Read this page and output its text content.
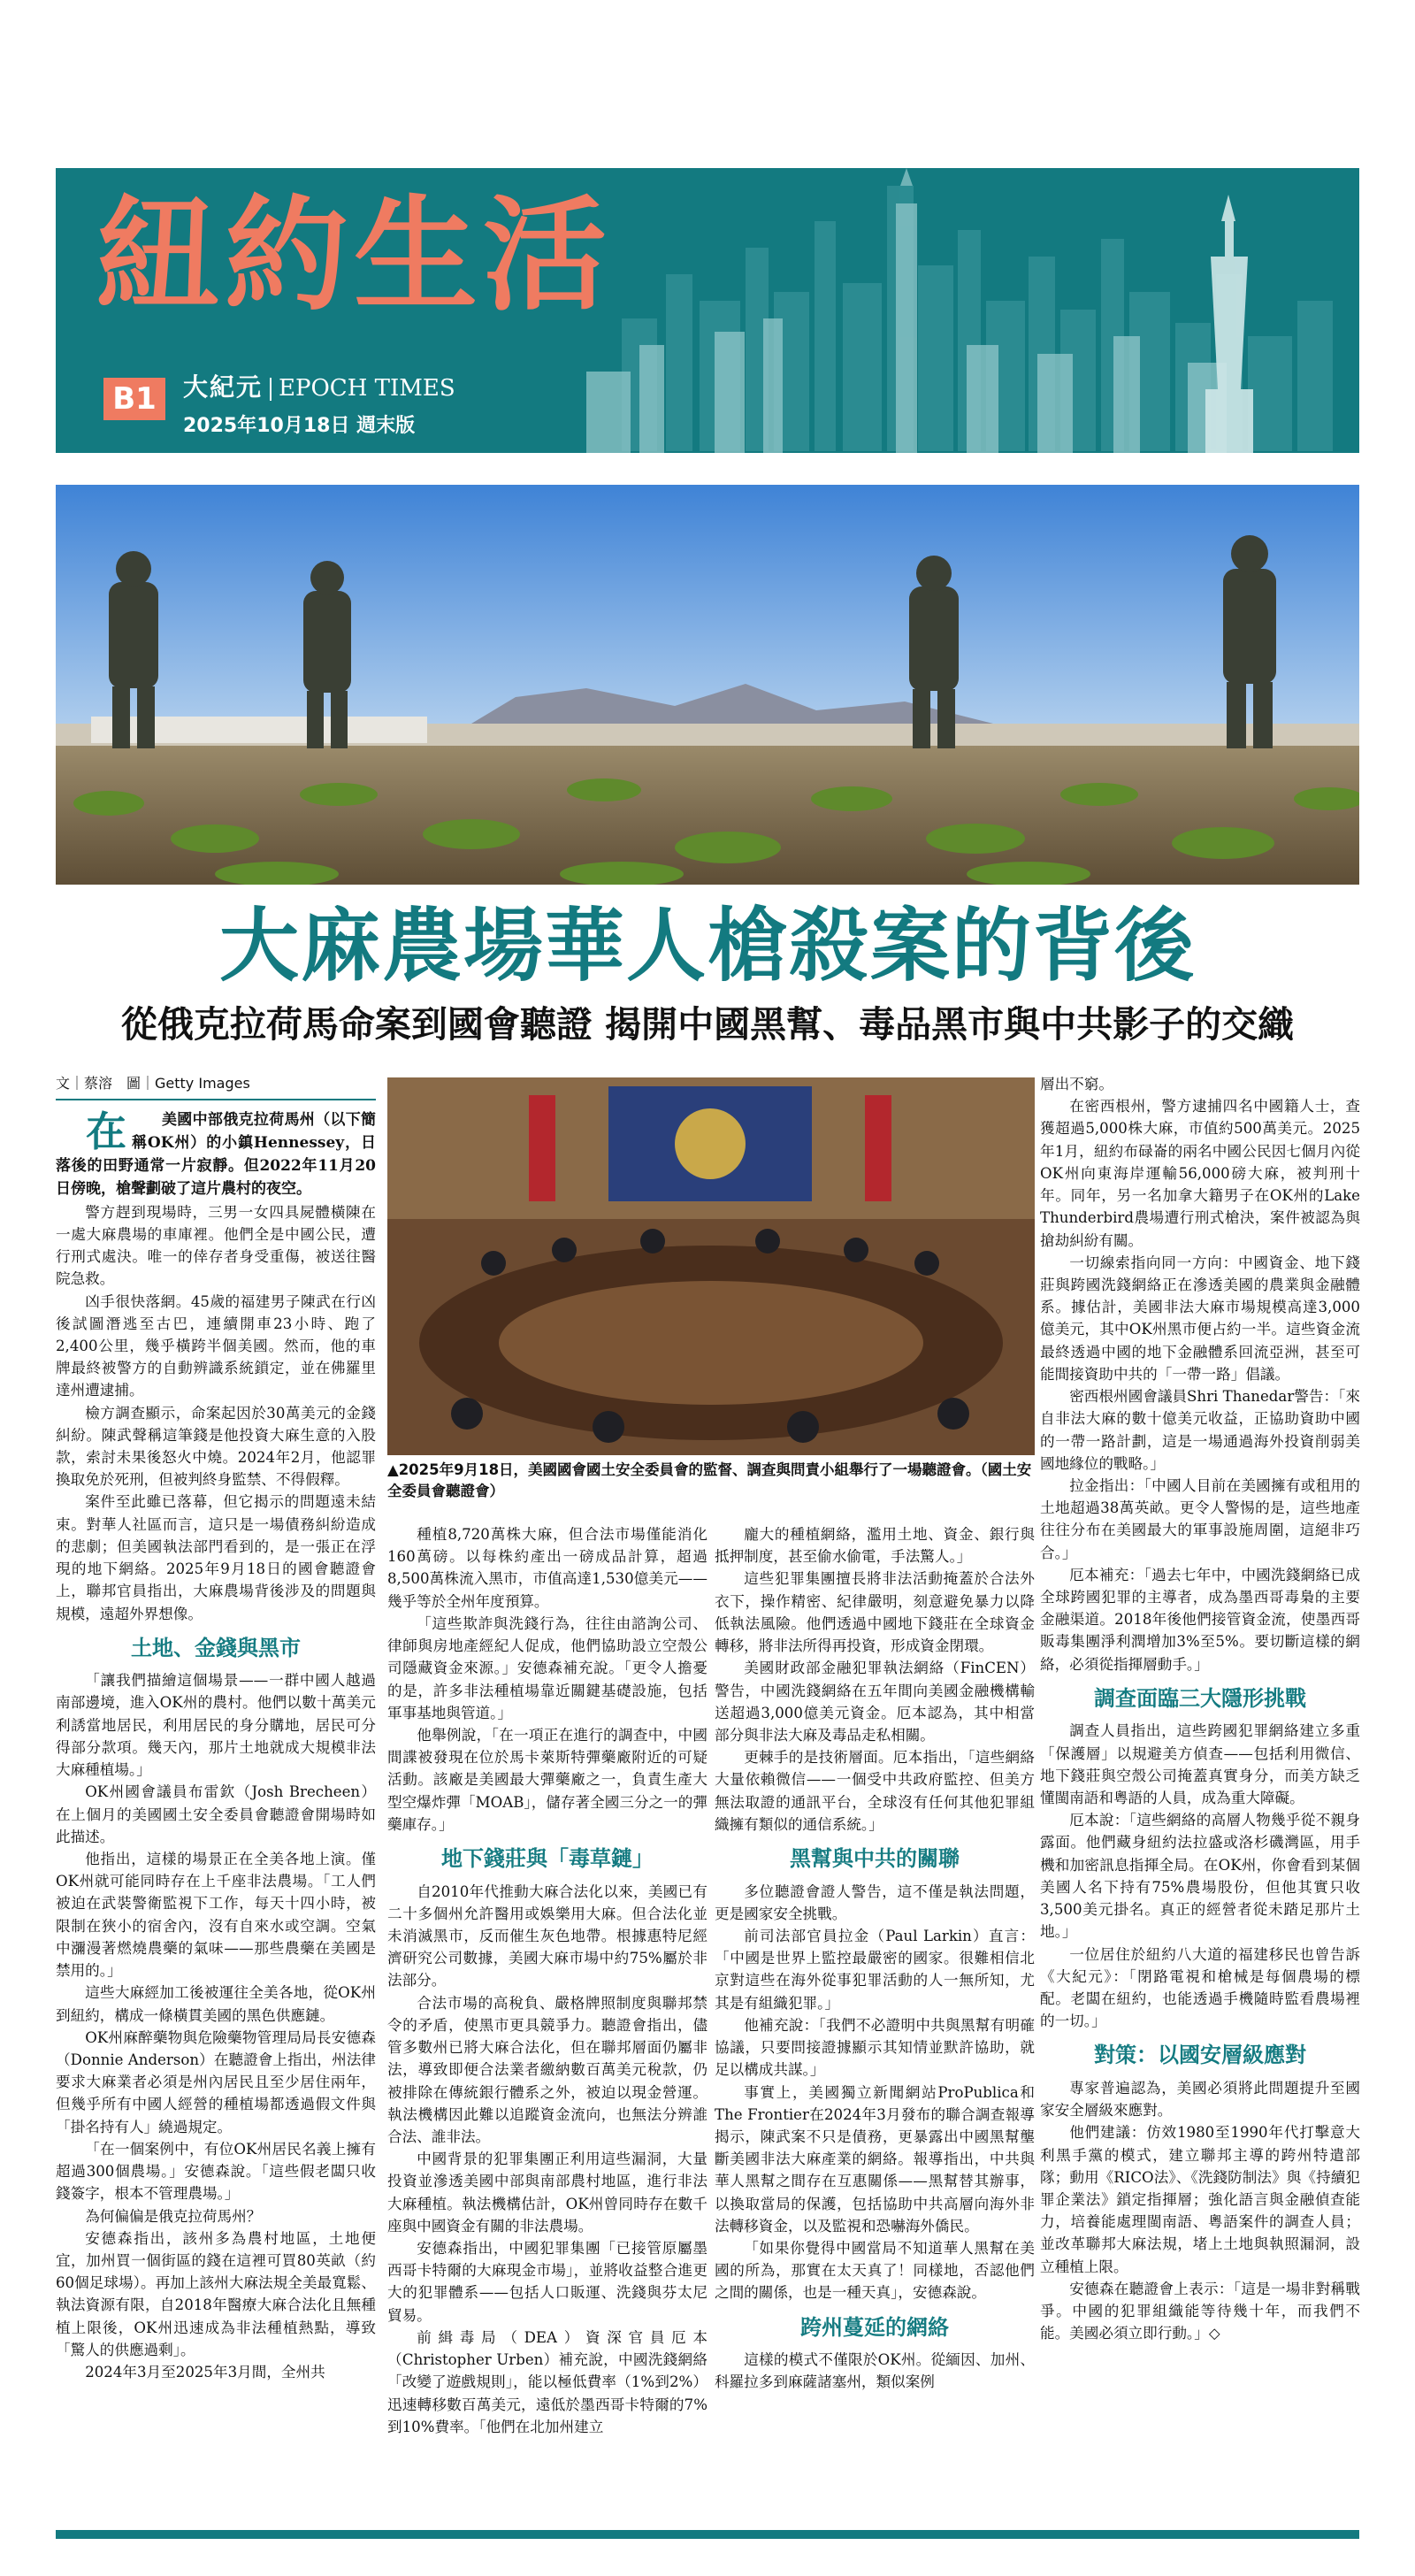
紐約生活
B1	大紀元 EPOCH TIMES
2025年10月18日 週末版
大麻農場華人槍殺案的背後
從俄克拉荷馬命案到國會聽證 揭開中國黑幫、毒品黑市與中共影子的交織
文｜蔡溶　圖｜Getty Images

在 美國中部俄克拉荷馬州（以下簡稱OK州）的小鎮Hennessey，日落後的田野通常一片寂靜。但2022年11月20日傍晚，槍聲劃破了這片農村的夜空。

警方趕到現場時，三男一女四具屍體橫陳在一處大麻農場的車庫裡。他們全是中國公民，遭行刑式處決。唯一的倖存者身受重傷，被送往醫院急救。

凶手很快落網。45歲的福建男子陳武在行凶後試圖潛逃至古巴，連續開車23小時、跑了2,400公里，幾乎橫跨半個美國。然而，他的車牌最終被警方的自動辨識系統鎖定，並在佛羅里達州遭逮捕。

檢方調查顯示，命案起因於30萬美元的金錢糾紛。陳武聲稱這筆錢是他投資大麻生意的入股款，索討未果後怒火中燒。2024年2月，他認罪換取免於死刑，但被判終身監禁、不得假釋。

案件至此雖已落幕，但它揭示的問題遠未結束。對華人社區而言，這只是一場債務糾紛造成的悲劇；但美國執法部門看到的，是一張正在浮現的地下網絡。2025年9月18日的國會聽證會上，聯邦官員指出，大麻農場背後涉及的問題與規模，遠超外界想像。

土地、金錢與黑市

「讓我們描繪這個場景——一群中國人越過南部邊境，進入OK州的農村。他們以數十萬美元利誘當地居民，利用居民的身分購地，居民可分得部分款項。幾天內，那片土地就成大規模非法大麻種植場。」

OK州國會議員布雷欽（Josh Brecheen）在上個月的美國國土安全委員會聽證會開場時如此描述。

他指出，這樣的場景正在全美各地上演。僅OK州就可能同時存在上千座非法農場。「工人們被迫在武裝警衛監視下工作，每天十四小時，被限制在狹小的宿舍內，沒有自來水或空調。空氣中瀰漫著燃燒農藥的氣味——那些農藥在美國是禁用的。」

這些大麻經加工後被運往全美各地，從OK州到紐約，構成一條橫貫美國的黑色供應鏈。

OK州麻醉藥物與危險藥物管理局局長安德森（Donnie Anderson）在聽證會上指出，州法律要求大麻業者必須是州內居民且至少居住兩年，但幾乎所有中國人經營的種植場都透過假文件與「掛名持有人」繞過規定。

「在一個案例中，有位OK州居民名義上擁有超過300個農場。」安德森說。「這些假老闆只收錢簽字，根本不管理農場。」

為何偏偏是俄克拉荷馬州？

安德森指出，該州多為農村地區，土地便宜，加州買一個街區的錢在這裡可買80英畝（約60個足球場）。再加上該州大麻法規全美最寬鬆、執法資源有限，自2018年醫療大麻合法化且無種植上限後，OK州迅速成為非法種植熱點，導致「驚人的供應過剩」。

2024年3月至2025年3月間，全州共

▲2025年9月18日，美國國會國土安全委員會的監督、調查與問責小組舉行了一場聽證會。（國土安全委員會聽證會）

種植8,720萬株大麻，但合法市場僅能消化160萬磅。以每株約產出一磅成品計算，超過8,500萬株流入黑市，市值高達1,530億美元——幾乎等於全州年度預算。

「這些欺詐與洗錢行為，往往由諮詢公司、律師與房地產經紀人促成，他們協助設立空殼公司隱藏資金來源。」安德森補充說。「更令人擔憂的是，許多非法種植場靠近關鍵基礎設施，包括軍事基地與管道。」

他舉例說，「在一項正在進行的調查中，中國間諜被發現在位於馬卡萊斯特彈藥廠附近的可疑活動。該廠是美國最大彈藥廠之一，負責生產大型空爆炸彈「MOAB」，儲存著全國三分之一的彈藥庫存。」

地下錢莊與「毒草鏈」

自2010年代推動大麻合法化以來，美國已有二十多個州允許醫用或娛樂用大麻。但合法化並未消滅黑市，反而催生灰色地帶。根據惠特尼經濟研究公司數據，美國大麻市場中約75%屬於非法部分。

合法市場的高稅負、嚴格牌照制度與聯邦禁令的矛盾，使黑市更具競爭力。聽證會指出，儘管多數州已將大麻合法化，但在聯邦層面仍屬非法，導致即便合法業者繳納數百萬美元稅款，仍被排除在傳統銀行體系之外，被迫以現金營運。執法機構因此難以追蹤資金流向，也無法分辨誰合法、誰非法。

中國背景的犯罪集團正利用這些漏洞，大量投資並滲透美國中部與南部農村地區，進行非法大麻種植。執法機構估計，OK州曾同時存在數千座與中國資金有關的非法農場。

安德森指出，中國犯罪集團「已接管原屬墨西哥卡特爾的大麻現金市場」，並將收益整合進更大的犯罪體系——包括人口販運、洗錢與芬太尼貿易。

前緝毒局（DEA）資深官員厄本（Christopher Urben）補充說，中國洗錢網絡「改變了遊戲規則」，能以極低費率（1%到2%）迅速轉移數百萬美元，遠低於墨西哥卡特爾的7%到10%費率。「他們在北加州建立

龐大的種植網絡，濫用土地、資金、銀行與抵押制度，甚至偷水偷電，手法驚人。」

這些犯罪集團擅長將非法活動掩蓋於合法外衣下，操作精密、紀律嚴明，刻意避免暴力以降低執法風險。他們透過中國地下錢莊在全球資金轉移，將非法所得再投資，形成資金閉環。

美國財政部金融犯罪執法網絡（FinCEN）警告，中國洗錢網絡在五年間向美國金融機構輸送超過3,000億美元資金。厄本認為，其中相當部分與非法大麻及毒品走私相關。

更棘手的是技術層面。厄本指出，「這些網絡大量依賴微信——一個受中共政府監控、但美方無法取證的通訊平台，全球沒有任何其他犯罪組織擁有類似的通信系統。」

黑幫與中共的關聯

多位聽證會證人警告，這不僅是執法問題，更是國家安全挑戰。

前司法部官員拉金（Paul Larkin）直言：「中國是世界上監控最嚴密的國家。很難相信北京對這些在海外從事犯罪活動的人一無所知，尤其是有組織犯罪。」

他補充說：「我們不必證明中共與黑幫有明確協議，只要問接證據顯示其知情並默許協助，就足以構成共謀。」

事實上，美國獨立新聞網站ProPublica和The Frontier在2024年3月發布的聯合調查報導揭示，陳武案不只是債務，更暴露出中國黑幫壟斷美國非法大麻產業的網絡。報導指出，中共與華人黑幫之間存在互惠關係——黑幫替其辦事，以換取當局的保護，包括協助中共高層向海外非法轉移資金，以及監視和恐嚇海外僑民。

「如果你覺得中國當局不知道華人黑幫在美國的所為，那實在太天真了！同樣地，否認他們之間的關係，也是一種天真」，安德森說。

跨州蔓延的網絡

這樣的模式不僅限於OK州。從緬因、加州、科羅拉多到麻薩諸塞州，類似案例

層出不窮。

在密西根州，警方逮捕四名中國籍人士，查獲超過5,000株大麻，市值約500萬美元。2025年1月，紐約布碌崙的兩名中國公民因七個月內從OK州向東海岸運輸56,000磅大麻，被判刑十年。同年，另一名加拿大籍男子在OK州的Lake Thunderbird農場遭行刑式槍決，案件被認為與搶劫糾紛有關。

一切線索指向同一方向：中國資金、地下錢莊與跨國洗錢網絡正在滲透美國的農業與金融體系。據估計，美國非法大麻市場規模高達3,000億美元，其中OK州黑市便占約一半。這些資金流最終透過中國的地下金融體系回流亞洲，甚至可能間接資助中共的「一帶一路」倡議。

密西根州國會議員Shri Thanedar警告：「來自非法大麻的數十億美元收益，正協助資助中國的一帶一路計劃，這是一場通過海外投資削弱美國地緣位的戰略。」

拉金指出：「中國人目前在美國擁有或租用的土地超過38萬英畝。更令人警惕的是，這些地產往往分布在美國最大的軍事設施周圍，這絕非巧合。」

厄本補充：「過去七年中，中國洗錢網絡已成全球跨國犯罪的主導者，成為墨西哥毒梟的主要金融渠道。2018年後他們接管資金流，使墨西哥販毒集團淨利潤增加3%至5%。要切斷這樣的網絡，必須從指揮層動手。」

調查面臨三大隱形挑戰

調查人員指出，這些跨國犯罪網絡建立多重「保護層」以規避美方偵查——包括利用微信、地下錢莊與空殼公司掩蓋真實身分，而美方缺乏懂閩南語和粵語的人員，成為重大障礙。

厄本說：「這些網絡的高層人物幾乎從不親身露面。他們藏身紐約法拉盛或洛杉磯灣區，用手機和加密訊息指揮全局。在OK州，你會看到某個美國人名下持有75%農場股份，但他其實只收3,500美元掛名。真正的經營者從未踏足那片土地。」

一位居住於紐約八大道的福建移民也曾告訴《大紀元》：「閉路電視和槍械是每個農場的標配。老闆在紐約，也能透過手機隨時監看農場裡的一切。」

對策：以國安層級應對

專家普遍認為，美國必須將此問題提升至國家安全層級來應對。

他們建議：仿效1980至1990年代打擊意大利黑手黨的模式，建立聯邦主導的跨州特遣部隊；動用《RICO法》、《洗錢防制法》與《持續犯罪企業法》鎖定指揮層；強化語言與金融偵查能力，培養能處理閩南語、粵語案件的調查人員；並改革聯邦大麻法規，堵上土地與執照漏洞，設立種植上限。

安德森在聽證會上表示：「這是一場非對稱戰爭。中國的犯罪組織能等待幾十年，而我們不能。美國必須立即行動。」◇
